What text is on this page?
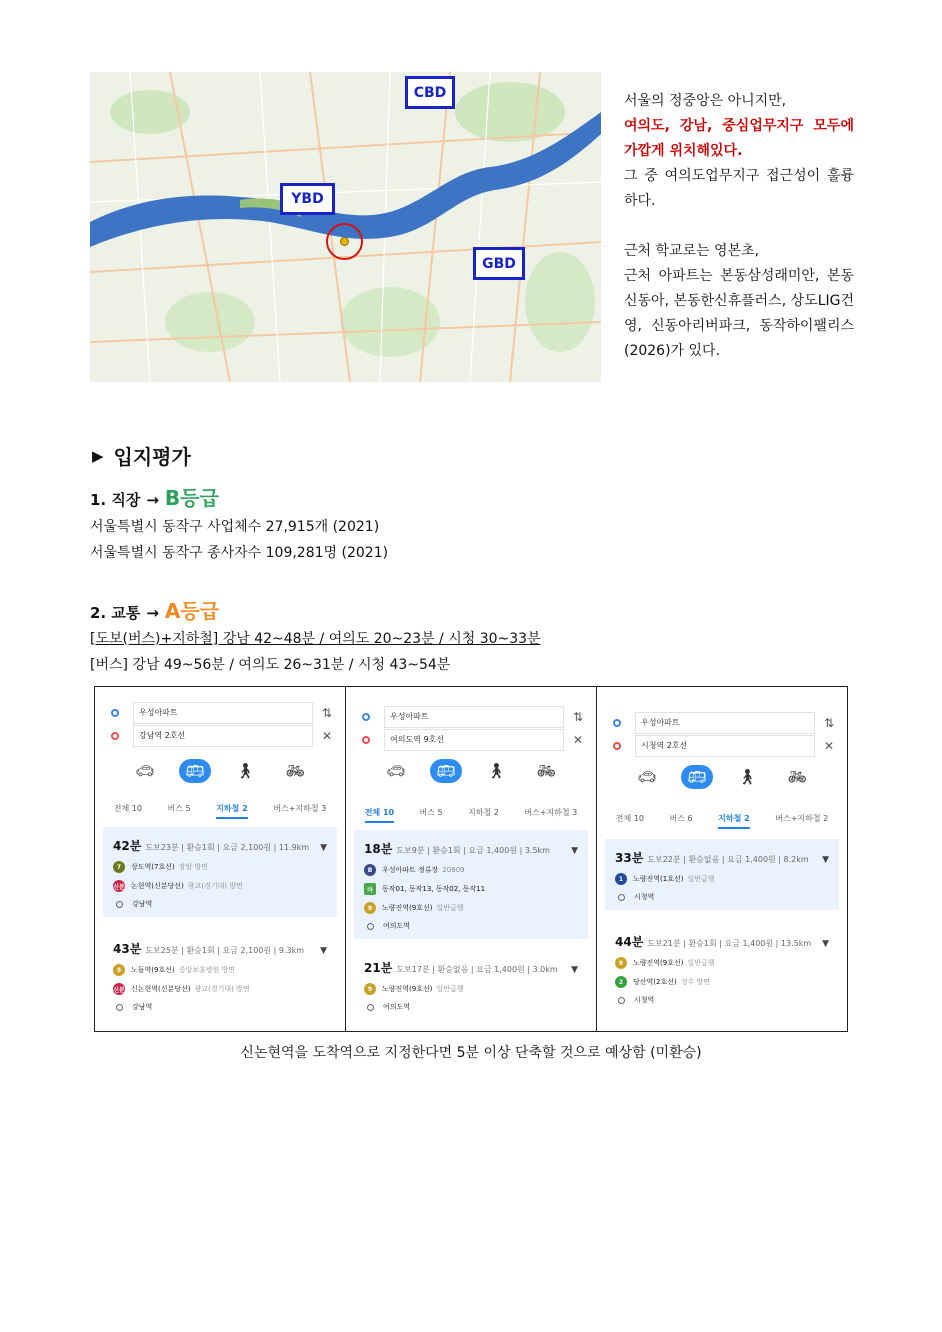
CBD
YBD
GBD

서울의 정중앙은 아니지만,

여의도, 강남, 중심업무지구 모두에 가깝게 위치해있다.

그 중 여의도업무지구 접근성이 훌륭하다.

근처 학교로는 영본초,

근처 아파트는 본동삼성래미안, 본동신동아, 본동한신휴플러스, 상도LIG건영, 신동아리버파크, 동작하이팰리스(2026)가 있다.

▶ 입지평가
1. 직장 → B등급
서울특별시 동작구 사업체수 27,915개 (2021)
서울특별시 동작구 종사자수 109,281명 (2021)
2. 교통 → A등급
[도보(버스)+지하철] 강남 42~48분 / 여의도 20~23분 / 시청 30~33분
[버스] 강남 49~56분 / 여의도 26~31분 / 시청 43~54분
우성아파트	⇅
강남역 2호선	✕
🚗︎	🚌︎	🚶︎	🚲︎
전체 10	버스 5	지하철 2	버스+지하철 3
42분 도보23분 | 환승1회 | 요금 2,100원 | 11.9km ▼
7	상도역(7호선) 장암 방면
신분 논현역(신분당선) 광교(경기대) 방면
강남역
43분 도보25분 | 환승1회 | 요금 2,100원 | 9.3km ▼
9	노들역(9호선) 중앙보훈병원 방면
신분 신논현역(신분당선) 광교(경기대) 방면
강남역
우성아파트	⇅
여의도역 9호선	✕
🚗︎	🚌︎	🚶︎	🚲︎
전체 10	버스 5	지하철 2	버스+지하철 3
18분 도보9분 | 환승1회 | 요금 1,400원 | 3.5km ▼
B	우성아파트 정류장 20809
마	동작01, 동작13, 동작02, 동작11
9	노량진역(9호선) 일반급행
여의도역
21분 도보17분 | 환승없음 | 요금 1,400원 | 3.0km ▼
9	노량진역(9호선) 일반급행
여의도역
우성아파트	⇅
시청역 2호선	✕
🚗︎	🚌︎	🚶︎	🚲︎
전체 10	버스 6	지하철 2	버스+지하철 2
33분 도보22분 | 환승없음 | 요금 1,400원 | 8.2km ▼
1	노량진역(1호선) 일반급행
시청역
44분 도보21분 | 환승1회 | 요금 1,400원 | 13.5km ▼
9	노량진역(9호선) 일반급행
2	당산역(2호선) 성수 방면
시청역
신논현역을 도착역으로 지정한다면 5분 이상 단축할 것으로 예상함 (미환승)
